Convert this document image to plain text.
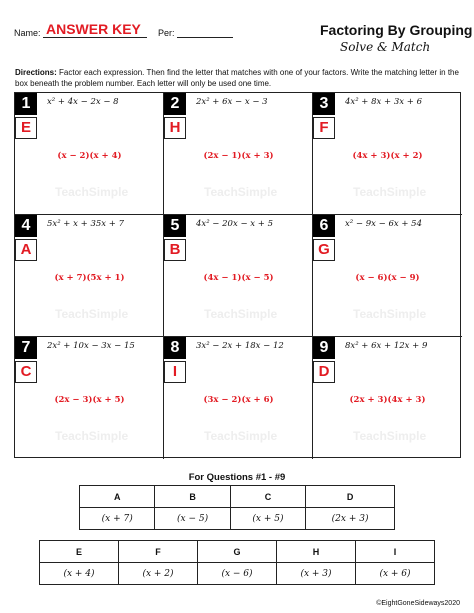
Name: ANSWER KEY Per:	Factoring By Grouping
Solve & Match
Directions: Factor each expression. Then find the letter that matches with one of your factors. Write the matching letter in the box beneath the problem number. Each letter will only be used one time.
1
E
x² + 4x − 2x − 8
(x − 2)(x + 4)
TeachSimple
2
H
2x² + 6x − x − 3
(2x − 1)(x + 3)
TeachSimple
3
F
4x² + 8x + 3x + 6
(4x + 3)(x + 2)
TeachSimple
4
A
5x² + x + 35x + 7
(x + 7)(5x + 1)
TeachSimple
5
B
4x² − 20x − x + 5
(4x − 1)(x − 5)
TeachSimple
6
G
x² − 9x − 6x + 54
(x − 6)(x − 9)
TeachSimple
7
C
2x² + 10x − 3x − 15
(2x − 3)(x + 5)
TeachSimple
8
I
3x² − 2x + 18x − 12
(3x − 2)(x + 6)
TeachSimple
9
D
8x² + 6x + 12x + 9
(2x + 3)(4x + 3)
TeachSimple
For Questions #1 - #9
A	B	C	D
(x + 7)	(x − 5)	(x + 5)	(2x + 3)
E	F	G	H	I
(x + 4)	(x + 2)	(x − 6)	(x + 3)	(x + 6)
©EightGoneSideways2020
